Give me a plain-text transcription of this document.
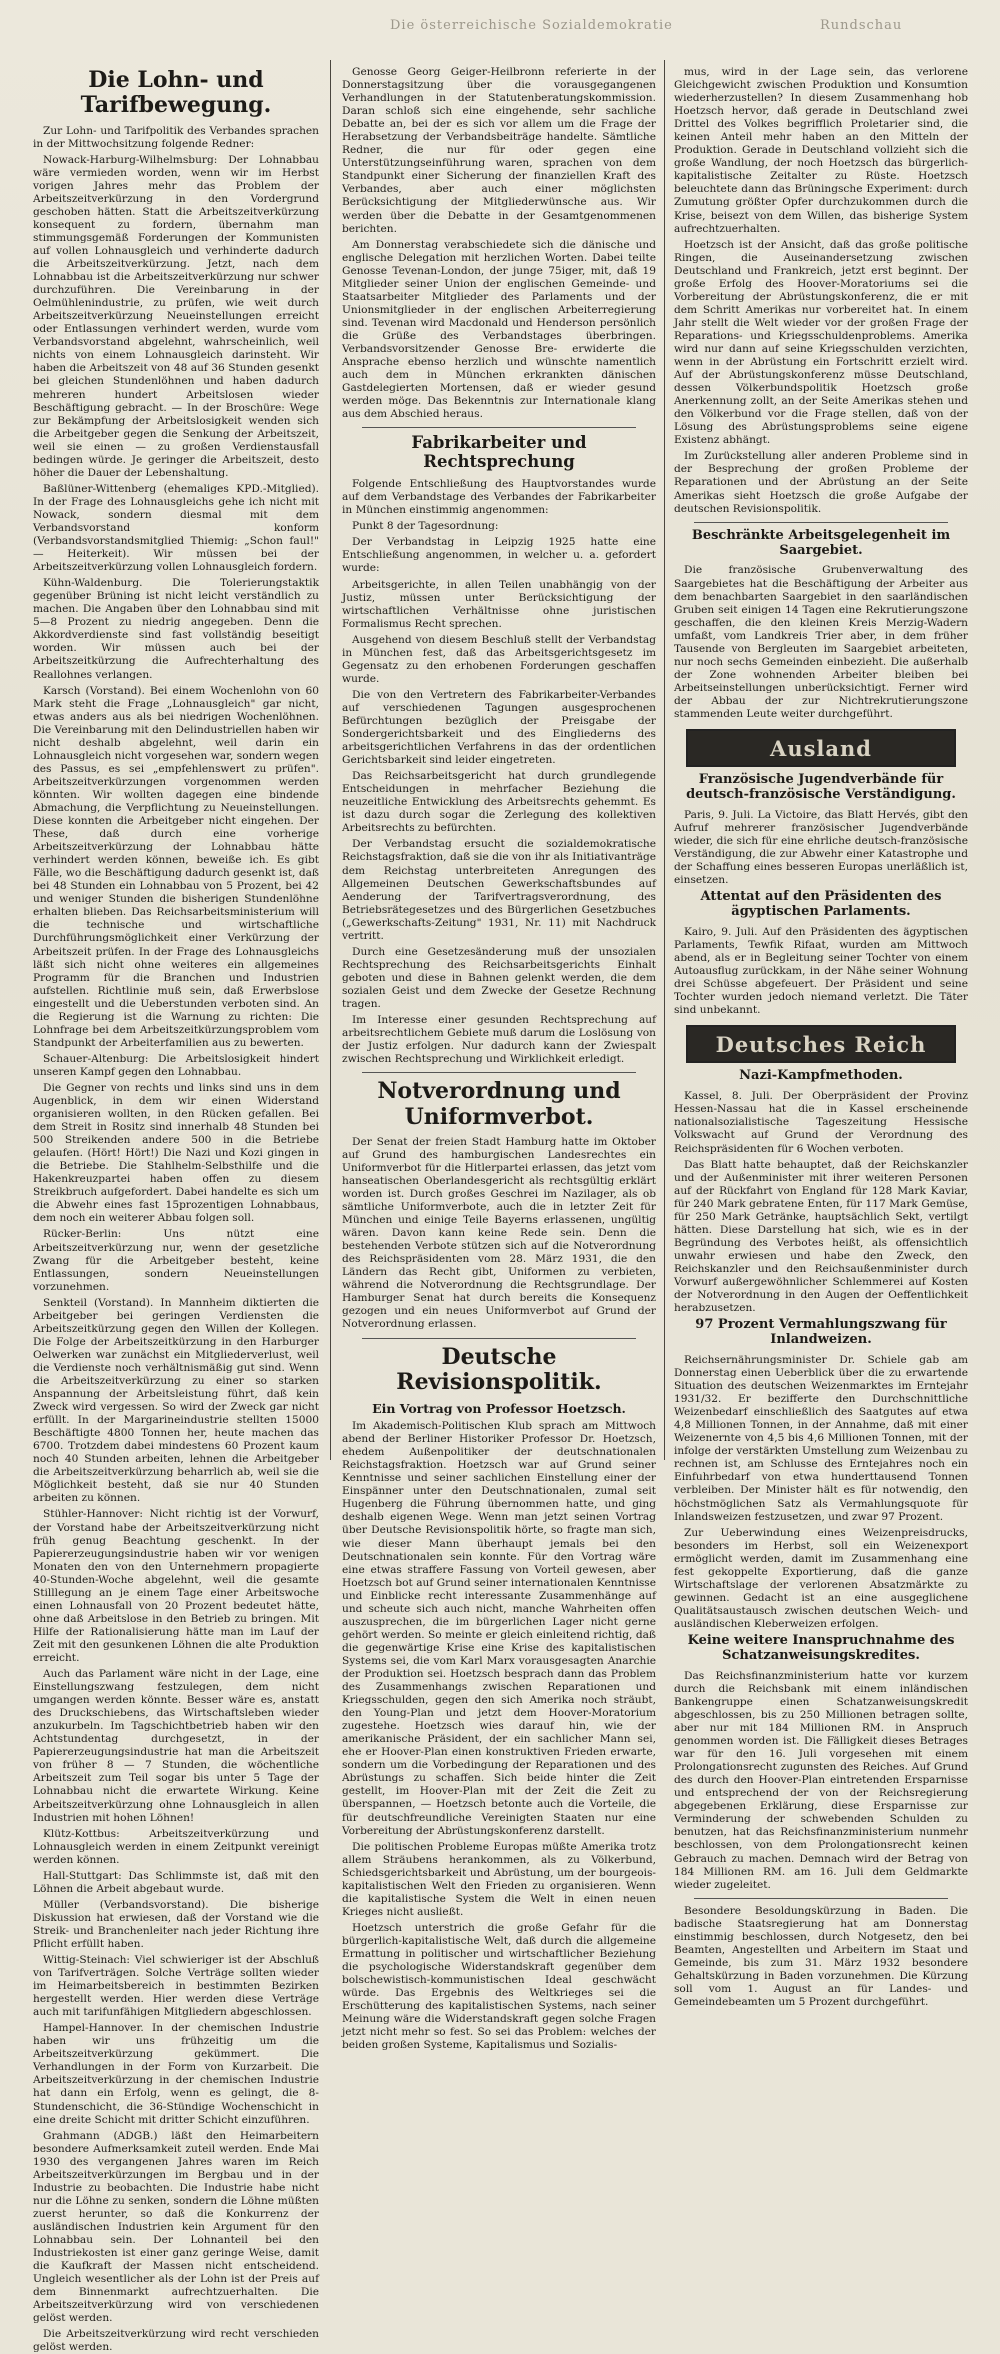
Die österreichische Sozialdemokratie	Rundschau
Die Lohn- und Tarifbewegung.

Zur Lohn- und Tarifpolitik des Verbandes sprachen in der Mittwochsitzung folgende Redner:

Nowack-Harburg-Wilhelmsburg: Der Lohnabbau wäre vermieden worden, wenn wir im Herbst vorigen Jahres mehr das Problem der Arbeitszeitverkürzung in den Vordergrund geschoben hätten. Statt die Arbeitszeitverkürzung konsequent zu fordern, übernahm man stimmungsgemäß Forderungen der Kommunisten auf vollen Lohnausgleich und verhinderte dadurch die Arbeitszeitverkürzung. Jetzt, nach dem Lohnabbau ist die Arbeitszeitverkürzung nur schwer durchzuführen. Die Vereinbarung in der Oelmühlenindustrie, zu prüfen, wie weit durch Arbeitszeitverkürzung Neueinstellungen erreicht oder Entlassungen verhindert werden, wurde vom Verbandsvorstand abgelehnt, wahrscheinlich, weil nichts von einem Lohnausgleich darinsteht. Wir haben die Arbeitszeit von 48 auf 36 Stunden gesenkt bei gleichen Stundenlöhnen und haben dadurch mehreren hundert Arbeitslosen wieder Beschäftigung gebracht. — In der Broschüre: Wege zur Bekämpfung der Arbeitslosigkeit wenden sich die Arbeitgeber gegen die Senkung der Arbeitszeit, weil sie einen — zu großen Verdienstausfall bedingen würde. Je geringer die Arbeitszeit, desto höher die Dauer der Lebenshaltung.

Baßlüner-Wittenberg (ehemaliges KPD.-Mitglied). In der Frage des Lohnausgleichs gehe ich nicht mit Nowack, sondern diesmal mit dem Verbandsvorstand konform (Verbandsvorstandsmitglied Thiemig: „Schon faul!" — Heiterkeit). Wir müssen bei der Arbeitszeitverkürzung vollen Lohnausgleich fordern.

Kühn-Waldenburg. Die Tolerierungstaktik gegenüber Brüning ist nicht leicht verständlich zu machen. Die Angaben über den Lohnabbau sind mit 5—8 Prozent zu niedrig angegeben. Denn die Akkordverdienste sind fast vollständig beseitigt worden. Wir müssen auch bei der Arbeitszeitkürzung die Aufrechterhaltung des Reallohnes verlangen.

Karsch (Vorstand). Bei einem Wochenlohn von 60 Mark steht die Frage „Lohnausgleich" gar nicht, etwas anders aus als bei niedrigen Wochenlöhnen. Die Vereinbarung mit den Delindustriellen haben wir nicht deshalb abgelehnt, weil darin ein Lohnausgleich nicht vorgesehen war, sondern wegen des Passus, es sei „empfehlenswert zu prüfen". Arbeitszeitverkürzungen vorgenommen werden könnten. Wir wollten dagegen eine bindende Abmachung, die Verpflichtung zu Neueinstellungen. Diese konnten die Arbeitgeber nicht eingehen. Der These, daß durch eine vorherige Arbeitszeitverkürzung der Lohnabbau hätte verhindert werden können, beweiße ich. Es gibt Fälle, wo die Beschäftigung dadurch gesenkt ist, daß bei 48 Stunden ein Lohnabbau von 5 Prozent, bei 42 und weniger Stunden die bisherigen Stundenlöhne erhalten blieben. Das Reichsarbeitsministerium will die technische und wirtschaftliche Durchführungsmöglichkeit einer Verkürzung der Arbeitszeit prüfen. In der Frage des Lohnausgleichs läßt sich nicht ohne weiteres ein allgemeines Programm für die Branchen und Industrien aufstellen. Richtlinie muß sein, daß Erwerbslose eingestellt und die Ueberstunden verboten sind. An die Regierung ist die Warnung zu richten: Die Lohnfrage bei dem Arbeitszeitkürzungsproblem vom Standpunkt der Arbeiterfamilien aus zu bewerten.

Schauer-Altenburg: Die Arbeitslosigkeit hindert unseren Kampf gegen den Lohnabbau.

Die Gegner von rechts und links sind uns in dem Augenblick, in dem wir einen Widerstand organisieren wollten, in den Rücken gefallen. Bei dem Streit in Rositz sind innerhalb 48 Stunden bei 500 Streikenden andere 500 in die Betriebe gelaufen. (Hört! Hört!) Die Nazi und Kozi gingen in die Betriebe. Die Stahlhelm-Selbsthilfe und die Hakenkreuzpartei haben offen zu diesem Streikbruch aufgefordert. Dabei handelte es sich um die Abwehr eines fast 15prozentigen Lohnabbaus, dem noch ein weiterer Abbau folgen soll.

Rücker-Berlin: Uns nützt eine Arbeitszeitverkürzung nur, wenn der gesetzliche Zwang für die Arbeitgeber besteht, keine Entlassungen, sondern Neueinstellungen vorzunehmen.

Senkteil (Vorstand). In Mannheim diktierten die Arbeitgeber bei geringen Verdiensten die Arbeitszeitkürzung gegen den Willen der Kollegen. Die Folge der Arbeitszeitkürzung in den Harburger Oelwerken war zunächst ein Mitgliederverlust, weil die Verdienste noch verhältnismäßig gut sind. Wenn die Arbeitszeitverkürzung zu einer so starken Anspannung der Arbeitsleistung führt, daß kein Zweck wird vergessen. So wird der Zweck gar nicht erfüllt. In der Margarineindustrie stellten 15000 Beschäftigte 4800 Tonnen her, heute machen das 6700. Trotzdem dabei mindestens 60 Prozent kaum noch 40 Stunden arbeiten, lehnen die Arbeitgeber die Arbeitszeitverkürzung beharrlich ab, weil sie die Möglichkeit besteht, daß sie nur 40 Stunden arbeiten zu können.

Stühler-Hannover: Nicht richtig ist der Vorwurf, der Vorstand habe der Arbeitszeitverkürzung nicht früh genug Beachtung geschenkt. In der Papiererzeugungsindustrie haben wir vor wenigen Monaten den von den Unternehmern propagierte 40-Stunden-Woche abgelehnt, weil die gesamte Stilllegung an je einem Tage einer Arbeitswoche einen Lohnausfall von 20 Prozent bedeutet hätte, ohne daß Arbeitslose in den Betrieb zu bringen. Mit Hilfe der Rationalisierung hätte man im Lauf der Zeit mit den gesunkenen Löhnen die alte Produktion erreicht.

Auch das Parlament wäre nicht in der Lage, eine Einstellungszwang festzulegen, dem nicht umgangen werden könnte. Besser wäre es, anstatt des Druckschiebens, das Wirtschaftsleben wieder anzukurbeln. Im Tagschichtbetrieb haben wir den Achtstundentag durchgesetzt, in der Papiererzeugungsindustrie hat man die Arbeitszeit von früher 8 — 7 Stunden, die wöchentliche Arbeitszeit zum Teil sogar bis unter 5 Tage der Lohnabbau nicht die erwartete Wirkung. Keine Arbeitszeitverkürzung ohne Lohnausgleich in allen Industrien mit hohen Löhnen!

Klütz-Kottbus: Arbeitszeitverkürzung und Lohnausgleich werden in einem Zeitpunkt vereinigt werden können.

Hall-Stuttgart: Das Schlimmste ist, daß mit den Löhnen die Arbeit abgebaut wurde.

Müller (Verbandsvorstand). Die bisherige Diskussion hat erwiesen, daß der Vorstand wie die Streik- und Branchenleiter nach jeder Richtung ihre Pflicht erfüllt haben.

Wittig-Steinach: Viel schwieriger ist der Abschluß von Tarifverträgen. Solche Verträge sollten wieder im Heimarbeitsbereich in bestimmten Bezirken hergestellt werden. Hier werden diese Verträge auch mit tarifunfähigen Mitgliedern abgeschlossen.

Hampel-Hannover. In der chemischen Industrie haben wir uns frühzeitig um die Arbeitszeitverkürzung gekümmert. Die Verhandlungen in der Form von Kurzarbeit. Die Arbeitszeitverkürzung in der chemischen Industrie hat dann ein Erfolg, wenn es gelingt, die 8-Stundenschicht, die 36-Stündige Wochenschicht in eine dreite Schicht mit dritter Schicht einzuführen.

Grahmann (ADGB.) läßt den Heimarbeitern besondere Aufmerksamkeit zuteil werden. Ende Mai 1930 des vergangenen Jahres waren im Reich Arbeitszeitverkürzungen im Bergbau und in der Industrie zu beobachten. Die Industrie habe nicht nur die Löhne zu senken, sondern die Löhne müßten zuerst herunter, so daß die Konkurrenz der ausländischen Industrien kein Argument für den Lohnabbau sein. Der Lohnanteil bei den Industriekosten ist einer ganz geringe Weise, damit die Kaufkraft der Massen nicht entscheidend. Ungleich wesentlicher als der Lohn ist der Preis auf dem Binnenmarkt aufrechtzuerhalten. Die Arbeitszeitverkürzung wird von verschiedenen gelöst werden.

Die Arbeitszeitverkürzung wird recht verschieden gelöst werden.

Genosse Georg Geiger-Heilbronn referierte in der Donnerstagsitzung über die vorausgegangenen Verhandlungen in der Statutenberatungskommission. Daran schloß sich eine eingehende, sehr sachliche Debatte an, bei der es sich vor allem um die Frage der Herabsetzung der Verbandsbeiträge handelte. Sämtliche Redner, die nur für oder gegen eine Unterstützungseinführung waren, sprachen von dem Standpunkt einer Sicherung der finanziellen Kraft des Verbandes, aber auch einer möglichsten Berücksichtigung der Mitgliederwünsche aus. Wir werden über die Debatte in der Gesamtgenommenen berichten.

Am Donnerstag verabschiedete sich die dänische und englische Delegation mit herzlichen Worten. Dabei teilte Genosse Tevenan-London, der junge 75iger, mit, daß 19 Mitglieder seiner Union der englischen Gemeinde- und Staatsarbeiter Mitglieder des Parlaments und der Unionsmitglieder in der englischen Arbeiterregierung sind. Tevenan wird Macdonald und Henderson persönlich die Grüße des Verbandstages überbringen. Verbandsvorsitzender Genosse Bre- erwiderte die Ansprache ebenso herzlich und wünschte namentlich auch dem in München erkrankten dänischen Gastdelegierten Mortensen, daß er wieder gesund werden möge. Das Bekenntnis zur Internationale klang aus dem Abschied heraus.

Fabrikarbeiter und Rechtsprechung

Folgende Entschließung des Hauptvorstandes wurde auf dem Verbandstage des Verbandes der Fabrikarbeiter in München einstimmig angenommen:

Punkt 8 der Tagesordnung:

Der Verbandstag in Leipzig 1925 hatte eine Entschließung angenommen, in welcher u. a. gefordert wurde:

Arbeitsgerichte, in allen Teilen unabhängig von der Justiz, müssen unter Berücksichtigung der wirtschaftlichen Verhältnisse ohne juristischen Formalismus Recht sprechen.

Ausgehend von diesem Beschluß stellt der Verbandstag in München fest, daß das Arbeitsgerichtsgesetz im Gegensatz zu den erhobenen Forderungen geschaffen wurde.

Die von den Vertretern des Fabrikarbeiter-Verbandes auf verschiedenen Tagungen ausgesprochenen Befürchtungen bezüglich der Preisgabe der Sondergerichtsbarkeit und des Eingliederns des arbeitsgerichtlichen Verfahrens in das der ordentlichen Gerichtsbarkeit sind leider eingetreten.

Das Reichsarbeitsgericht hat durch grundlegende Entscheidungen in mehrfacher Beziehung die neuzeitliche Entwicklung des Arbeitsrechts gehemmt. Es ist dazu durch sogar die Zerlegung des kollektiven Arbeitsrechts zu befürchten.

Der Verbandstag ersucht die sozialdemokratische Reichstagsfraktion, daß sie die von ihr als Initiativanträge dem Reichstag unterbreiteten Anregungen des Allgemeinen Deutschen Gewerkschaftsbundes auf Aenderung der Tarifvertragsverordnung, des Betriebsrätegesetzes und des Bürgerlichen Gesetzbuches („Gewerkschafts-Zeitung" 1931, Nr. 11) mit Nachdruck vertritt.

Durch eine Gesetzesänderung muß der unsozialen Rechtsprechung des Reichsarbeitsgerichts Einhalt geboten und diese in Bahnen gelenkt werden, die dem sozialen Geist und dem Zwecke der Gesetze Rechnung tragen.

Im Interesse einer gesunden Rechtsprechung auf arbeitsrechtlichem Gebiete muß darum die Loslösung von der Justiz erfolgen. Nur dadurch kann der Zwiespalt zwischen Rechtsprechung und Wirklichkeit erledigt.

Notverordnung und Uniformverbot.

Der Senat der freien Stadt Hamburg hatte im Oktober auf Grund des hamburgischen Landesrechtes ein Uniformverbot für die Hitlerpartei erlassen, das jetzt vom hanseatischen Oberlandesgericht als rechtsgültig erklärt worden ist. Durch großes Geschrei im Nazilager, als ob sämtliche Uniformverbote, auch die in letzter Zeit für München und einige Teile Bayerns erlassenen, ungültig wären. Davon kann keine Rede sein. Denn die bestehenden Verbote stützen sich auf die Notverordnung des Reichspräsidenten vom 28. März 1931, die den Ländern das Recht gibt, Uniformen zu verbieten, während die Notverordnung die Rechtsgrundlage. Der Hamburger Senat hat durch bereits die Konsequenz gezogen und ein neues Uniformverbot auf Grund der Notverordnung erlassen.

Deutsche Revisionspolitik.
Ein Vortrag von Professor Hoetzsch.

Im Akademisch-Politischen Klub sprach am Mittwoch abend der Berliner Historiker Professor Dr. Hoetzsch, ehedem Außenpolitiker der deutschnationalen Reichstagsfraktion. Hoetzsch war auf Grund seiner Kenntnisse und seiner sachlichen Einstellung einer der Einspänner unter den Deutschnationalen, zumal seit Hugenberg die Führung übernommen hatte, und ging deshalb eigenen Wege. Wenn man jetzt seinen Vortrag über Deutsche Revisionspolitik hörte, so fragte man sich, wie dieser Mann überhaupt jemals bei den Deutschnationalen sein konnte. Für den Vortrag wäre eine etwas straffere Fassung von Vorteil gewesen, aber Hoetzsch bot auf Grund seiner internationalen Kenntnisse und Einblicke recht interessante Zusammenhänge auf und scheute sich auch nicht, manche Wahrheiten offen auszusprechen, die im bürgerlichen Lager nicht gerne gehört werden. So meinte er gleich einleitend richtig, daß die gegenwärtige Krise eine Krise des kapitalistischen Systems sei, die vom Karl Marx vorausgesagten Anarchie der Produktion sei. Hoetzsch besprach dann das Problem des Zusammenhangs zwischen Reparationen und Kriegsschulden, gegen den sich Amerika noch sträubt, den Young-Plan und jetzt dem Hoover-Moratorium zugestehe. Hoetzsch wies darauf hin, wie der amerikanische Präsident, der ein sachlicher Mann sei, ehe er Hoover-Plan einen konstruktiven Frieden erwarte, sondern um die Vorbedingung der Reparationen und des Abrüstungs zu schaffen. Sich beide hinter die Zeit gestellt, im Hoover-Plan mit der Zeit die Zeit zu überspannen, — Hoetzsch betonte auch die Vorteile, die für deutschfreundliche Vereinigten Staaten nur eine Vorbereitung der Abrüstungskonferenz darstellt.

Die politischen Probleme Europas müßte Amerika trotz allem Sträubens herankommen, als zu Völkerbund, Schiedsgerichtsbarkeit und Abrüstung, um der bourgeois-kapitalistischen Welt den Frieden zu organisieren. Wenn die kapitalistische System die Welt in einen neuen Krieges nicht ausließt.

Hoetzsch unterstrich die große Gefahr für die bürgerlich-kapitalistische Welt, daß durch die allgemeine Ermattung in politischer und wirtschaftlicher Beziehung die psychologische Widerstandskraft gegenüber dem bolschewistisch-kommunistischen Ideal geschwächt würde. Das Ergebnis des Weltkrieges sei die Erschütterung des kapitalistischen Systems, nach seiner Meinung wäre die Widerstandskraft gegen solche Fragen jetzt nicht mehr so fest. So sei das Problem: welches der beiden großen Systeme, Kapitalismus und Sozialis-

mus, wird in der Lage sein, das verlorene Gleichgewicht zwischen Produktion und Konsumtion wiederherzustellen? In diesem Zusammenhang hob Hoetzsch hervor, daß gerade in Deutschland zwei Drittel des Volkes begrifflich Proletarier sind, die keinen Anteil mehr haben an den Mitteln der Produktion. Gerade in Deutschland vollzieht sich die große Wandlung, der noch Hoetzsch das bürgerlich-kapitalistische Zeitalter zu Rüste. Hoetzsch beleuchtete dann das Brüningsche Experiment: durch Zumutung größter Opfer durchzukommen durch die Krise, beisezt von dem Willen, das bisherige System aufrechtzuerhalten.

Hoetzsch ist der Ansicht, daß das große politische Ringen, die Auseinandersetzung zwischen Deutschland und Frankreich, jetzt erst beginnt. Der große Erfolg des Hoover-Moratoriums sei die Vorbereitung der Abrüstungskonferenz, die er mit dem Schritt Amerikas nur vorbereitet hat. In einem Jahr stellt die Welt wieder vor der großen Frage der Reparations- und Kriegsschuldenproblems. Amerika wird nur dann auf seine Kriegsschulden verzichten, wenn in der Abrüstung ein Fortschritt erzielt wird. Auf der Abrüstungskonferenz müsse Deutschland, dessen Völkerbundspolitik Hoetzsch große Anerkennung zollt, an der Seite Amerikas stehen und den Völkerbund vor die Frage stellen, daß von der Lösung des Abrüstungsproblems seine eigene Existenz abhängt.

Im Zurückstellung aller anderen Probleme sind in der Besprechung der großen Probleme der Reparationen und der Abrüstung an der Seite Amerikas sieht Hoetzsch die große Aufgabe der deutschen Revisionspolitik.

Beschränkte Arbeitsgelegenheit im Saargebiet.

Die französische Grubenverwaltung des Saargebietes hat die Beschäftigung der Arbeiter aus dem benachbarten Saargebiet in den saarländischen Gruben seit einigen 14 Tagen eine Rekrutierungszone geschaffen, die den kleinen Kreis Merzig-Wadern umfaßt, vom Landkreis Trier aber, in dem früher Tausende von Bergleuten im Saargebiet arbeiteten, nur noch sechs Gemeinden einbezieht. Die außerhalb der Zone wohnenden Arbeiter bleiben bei Arbeitseinstellungen unberücksichtigt. Ferner wird der Abbau der zur Nichtrekrutierungszone stammenden Leute weiter durchgeführt.

Ausland
Französische Jugendverbände für deutsch-französische Verständigung.

Paris, 9. Juli. La Victoire, das Blatt Hervés, gibt den Aufruf mehrerer französischer Jugendverbände wieder, die sich für eine ehrliche deutsch-französische Verständigung, die zur Abwehr einer Katastrophe und der Schaffung eines besseren Europas unerläßlich ist, einsetzen.

Attentat auf den Präsidenten des ägyptischen Parlaments.

Kairo, 9. Juli. Auf den Präsidenten des ägyptischen Parlaments, Tewfik Rifaat, wurden am Mittwoch abend, als er in Begleitung seiner Tochter von einem Autoausflug zurückkam, in der Nähe seiner Wohnung drei Schüsse abgefeuert. Der Präsident und seine Tochter wurden jedoch niemand verletzt. Die Täter sind unbekannt.

Deutsches Reich
Nazi-Kampfmethoden.

Kassel, 8. Juli. Der Oberpräsident der Provinz Hessen-Nassau hat die in Kassel erscheinende nationalsozialistische Tageszeitung Hessische Volkswacht auf Grund der Verordnung des Reichspräsidenten für 6 Wochen verboten.

Das Blatt hatte behauptet, daß der Reichskanzler und der Außenminister mit ihrer weiteren Personen auf der Rückfahrt von England für 128 Mark Kaviar, für 240 Mark gebratene Enten, für 117 Mark Gemüse, für 250 Mark Getränke, hauptsächlich Sekt, vertilgt hätten. Diese Darstellung hat sich, wie es in der Begründung des Verbotes heißt, als offensichtlich unwahr erwiesen und habe den Zweck, den Reichskanzler und den Reichsaußenminister durch Vorwurf außergewöhnlicher Schlemmerei auf Kosten der Notverordnung in den Augen der Oeffentlichkeit herabzusetzen.

97 Prozent Vermahlungszwang für Inlandweizen.

Reichsernährungsminister Dr. Schiele gab am Donnerstag einen Ueberblick über die zu erwartende Situation des deutschen Weizenmarktes im Erntejahr 1931/32. Er bezifferte den Durchschnittliche Weizenbedarf einschließlich des Saatgutes auf etwa 4,8 Millionen Tonnen, in der Annahme, daß mit einer Weizenernte von 4,5 bis 4,6 Millionen Tonnen, mit der infolge der verstärkten Umstellung zum Weizenbau zu rechnen ist, am Schlusse des Erntejahres noch ein Einfuhrbedarf von etwa hunderttausend Tonnen verbleiben. Der Minister hält es für notwendig, den höchstmöglichen Satz als Vermahlungsquote für Inlandsweizen festzusetzen, und zwar 97 Prozent.

Zur Ueberwindung eines Weizenpreisdrucks, besonders im Herbst, soll ein Weizenexport ermöglicht werden, damit im Zusammenhang eine fest gekoppelte Exportierung, daß die ganze Wirtschaftslage der verlorenen Absatzmärkte zu gewinnen. Gedacht ist an eine ausgeglichene Qualitätsaustausch zwischen deutschen Weich- und ausländischen Kleberweizen erfolgen.

Keine weitere Inanspruchnahme des Schatzanweisungskredites.

Das Reichsfinanzministerium hatte vor kurzem durch die Reichsbank mit einem inländischen Bankengruppe einen Schatzanweisungskredit abgeschlossen, bis zu 250 Millionen betragen sollte, aber nur mit 184 Millionen RM. in Anspruch genommen worden ist. Die Fälligkeit dieses Betrages war für den 16. Juli vorgesehen mit einem Prolongationsrecht zugunsten des Reiches. Auf Grund des durch den Hoover-Plan eintretenden Ersparnisse und entsprechend der von der Reichsregierung abgegebenen Erklärung, diese Ersparnisse zur Verminderung der schwebenden Schulden zu benutzen, hat das Reichsfinanzministerium nunmehr beschlossen, von dem Prolongationsrecht keinen Gebrauch zu machen. Demnach wird der Betrag von 184 Millionen RM. am 16. Juli dem Geldmarkte wieder zugeleitet.

Besondere Besoldungskürzung in Baden. Die badische Staatsregierung hat am Donnerstag einstimmig beschlossen, durch Notgesetz, den bei Beamten, Angestellten und Arbeitern im Staat und Gemeinde, bis zum 31. März 1932 besondere Gehaltskürzung in Baden vorzunehmen. Die Kürzung soll vom 1. August an für Landes- und Gemeindebeamten um 5 Prozent durchgeführt.
